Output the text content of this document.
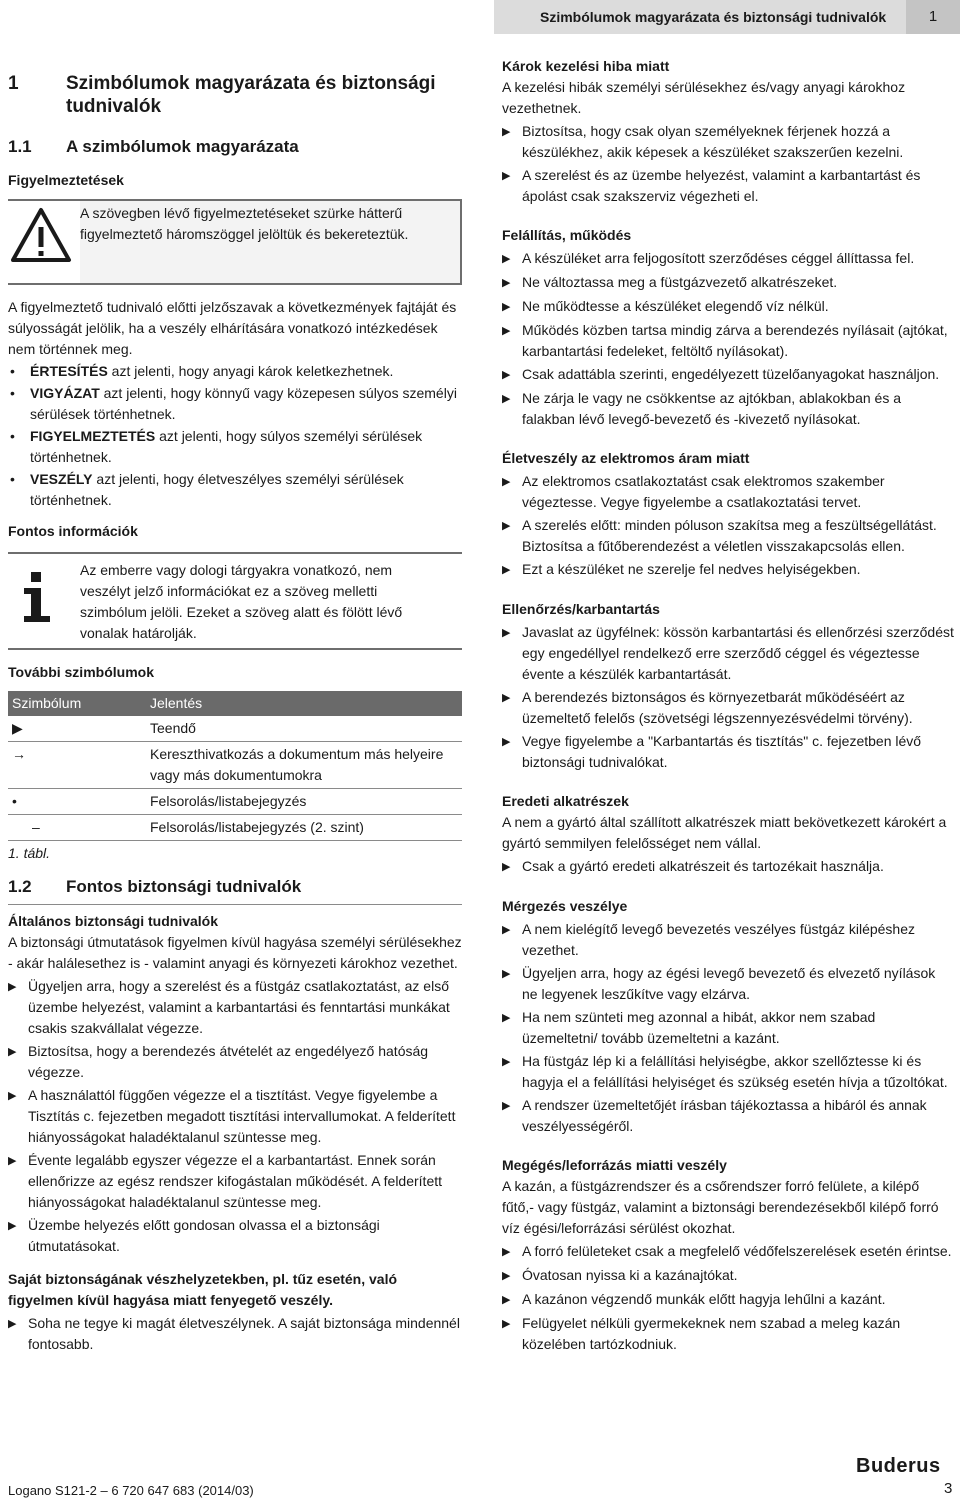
Szimbólumok magyarázata és biztonsági tudnivalók	1
1	Szimbólumok magyarázata és biztonsági tudnivalók
1.1	A szimbólumok magyarázata

Figyelmeztetések

A szövegben lévő figyelmeztetéseket szürke hátterű figyelmeztető háromszöggel jelöltük és bekereteztük.

A figyelmeztető tudnivaló előtti jelzőszavak a következmények fajtáját és súlyosságát jelölik, ha a veszély elhárítására vonatkozó intézkedések nem történnek meg.

•	ÉRTESÍTÉS azt jelenti, hogy anyagi károk keletkezhetnek.
•	VIGYÁZAT azt jelenti, hogy könnyű vagy közepesen súlyos személyi sérülések történhetnek.
•	FIGYELMEZTETÉS azt jelenti, hogy súlyos személyi sérülések történhetnek.
•	VESZÉLY azt jelenti, hogy életveszélyes személyi sérülések történhetnek.

Fontos információk

Az emberre vagy dologi tárgyakra vonatkozó, nem veszélyt jelző információkat ez a szöveg melletti szimbólum jelöli. Ezeket a szöveg alatt és fölött lévő vonalak határolják.

További szimbólumok

Szimbólum	Jelentés
▶	Teendő
→	Kereszthivatkozás a dokumentum más helyeire vagy más dokumentumokra
•	Felsorolás/listabejegyzés
–	Felsorolás/listabejegyzés (2. szint)
1. tábl.
1.2	Fontos biztonsági tudnivalók

Általános biztonsági tudnivalók

A biztonsági útmutatások figyelmen kívül hagyása személyi sérülésekhez - akár halálesethez is - valamint anyagi és környezeti károkhoz vezethet.

▶ Ügyeljen arra, hogy a szerelést és a füstgáz csatlakoztatást, az első üzembe helyezést, valamint a karbantartási és fenntartási munkákat csakis szakvállalat végezze.
▶ Biztosítsa, hogy a berendezés átvételét az engedélyező hatóság végezze.
▶ A használattól függően végezze el a tisztítást. Vegye figyelembe a Tisztítás c. fejezetben megadott tisztítási intervallumokat. A felderített hiányosságokat haladéktalanul szüntesse meg.
▶ Évente legalább egyszer végezze el a karbantartást. Ennek során ellenőrizze az egész rendszer kifogástalan működését. A felderített hiányosságokat haladéktalanul szüntesse meg.
▶ Üzembe helyezés előtt gondosan olvassa el a biztonsági útmutatásokat.

Saját biztonságának vészhelyzetekben, pl. tűz esetén, való figyelmen kívül hagyása miatt fenyegető veszély.

▶ Soha ne tegye ki magát életveszélynek. A saját biztonsága mindennél fontosabb.

Károk kezelési hiba miatt

A kezelési hibák személyi sérülésekhez és/vagy anyagi károkhoz vezethetnek.

▶ Biztosítsa, hogy csak olyan személyeknek férjenek hozzá a készülékhez, akik képesek a készüléket szakszerűen kezelni.
▶ A szerelést és az üzembe helyezést, valamint a karbantartást és ápolást csak szakszerviz végezheti el.

Felállítás, működés

▶ A készüléket arra feljogosított szerződéses céggel állíttassa fel.
▶ Ne változtassa meg a füstgázvezető alkatrészeket.
▶ Ne működtesse a készüléket elegendő víz nélkül.
▶ Működés közben tartsa mindig zárva a berendezés nyílásait (ajtókat, karbantartási fedeleket, feltöltő nyílásokat).
▶ Csak adattábla szerinti, engedélyezett tüzelőanyagokat használjon.
▶ Ne zárja le vagy ne csökkentse az ajtókban, ablakokban és a falakban lévő levegő-bevezető és -kivezető nyílásokat.

Életveszély az elektromos áram miatt

▶ Az elektromos csatlakoztatást csak elektromos szakember végeztesse. Vegye figyelembe a csatlakoztatási tervet.
▶ A szerelés előtt: minden póluson szakítsa meg a feszültségellátást. Biztosítsa a fűtőberendezést a véletlen visszakapcsolás ellen.
▶ Ezt a készüléket ne szerelje fel nedves helyiségekben.

Ellenőrzés/karbantartás

▶ Javaslat az ügyfélnek: kössön karbantartási és ellenőrzési szerződést egy engedéllyel rendelkező erre szerződő céggel és végeztesse évente a készülék karbantartását.
▶ A berendezés biztonságos és környezetbarát működéséért az üzemeltető felelős (szövetségi légszennyezésvédelmi törvény).
▶ Vegye figyelembe a "Karbantartás és tisztítás" c. fejezetben lévő biztonsági tudnivalókat.

Eredeti alkatrészek

A nem a gyártó által szállított alkatrészek miatt bekövetkezett károkért a gyártó semmilyen felelősséget nem vállal.

▶ Csak a gyártó eredeti alkatrészeit és tartozékait használja.

Mérgezés veszélye

▶ A nem kielégítő levegő bevezetés veszélyes füstgáz kilépéshez vezethet.
▶ Ügyeljen arra, hogy az égési levegő bevezető és elvezető nyílások ne legyenek leszűkítve vagy elzárva.
▶ Ha nem szünteti meg azonnal a hibát, akkor nem szabad üzemeltetni/ tovább üzemeltetni a kazánt.
▶ Ha füstgáz lép ki a felállítási helyiségbe, akkor szellőztesse ki és hagyja el a felállítási helyiséget és szükség esetén hívja a tűzoltókat.
▶ A rendszer üzemeltetőjét írásban tájékoztassa a hibáról és annak veszélyességéről.

Megégés/leforrázás miatti veszély

A kazán, a füstgázrendszer és a csőrendszer forró felülete, a kilépő fűtő,- vagy füstgáz, valamint a biztonsági berendezésekből kilépő forró víz égési/leforrázási sérülést okozhat.

▶ A forró felületeket csak a megfelelő védőfelszerelések esetén érintse.
▶ Óvatosan nyissa ki a kazánajtókat.
▶ A kazánon végzendő munkák előtt hagyja lehűlni a kazánt.
▶ Felügyelet nélküli gyermekeknek nem szabad a meleg kazán közelében tartózkodniuk.
Buderus
Logano S121-2 – 6 720 647 683 (2014/03)	3
